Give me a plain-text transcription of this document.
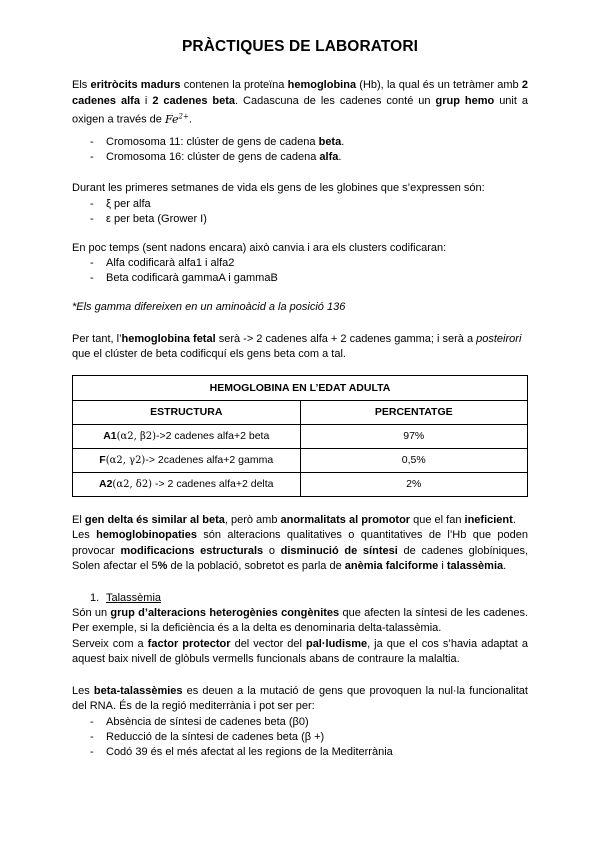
PRÀCTIQUES DE LABORATORI

Els eritròcits madurs contenen la proteïna hemoglobina (Hb), la qual és un tetràmer amb 2 cadenes alfa i 2 cadenes beta. Cadascuna de les cadenes conté un grup hemo unit a oxigen a través de $Fe^{2+}$.

- Cromosoma 11: clúster de gens de cadena beta.
- Cromosoma 16: clúster de gens de cadena alfa.

Durant les primeres setmanes de vida els gens de les globines que s’expressen són:

- ξ per alfa
- ε per beta (Grower I)

En poc temps (sent nadons encara) això canvia i ara els clusters codificaran:

- Alfa codificarà alfa1 i alfa2
- Beta codificarà gammaA i gammaB

*Els gamma difereixen en un aminoàcid a la posició 136

Per tant, l’hemoglobina fetal serà -> 2 cadenes alfa + 2 cadenes gamma; i serà a posteirori que el clúster de beta codificquí els gens beta com a tal.

HEMOGLOBINA EN L’EDAT ADULTA	
ESTRUCTURA	PERCENTATGE
A1(α2, β2)->2 cadenes alfa+2 beta	97%
F(α2, γ2)-> 2cadenes alfa+2 gamma	0,5%
A2(α2, δ2) -> 2 cadenes alfa+2 delta	2%

El gen delta és similar al beta, però amb anormalitats al promotor que el fan ineficient.

Les hemoglobinopaties són alteracions qualitatives o quantitatives de l’Hb que poden provocar modificacions estructurals o disminució de síntesi de cadenes globíniques, Solen afectar el 5% de la població, sobretot es parla de anèmia falciforme i talassèmia.

1. Talassèmia

Són un grup d’alteracions heterogènies congènites que afecten la síntesi de les cadenes. Per exemple, si la deficiència és a la delta es denominaria delta-talassèmia.

Serveix com a factor protector del vector del pal·ludisme, ja que el cos s’havia adaptat a aquest baix nivell de glòbuls vermells funcionals abans de contraure la malaltia.

Les beta-talassèmies es deuen a la mutació de gens que provoquen la nul·la funcionalitat del RNA. És de la regió mediterrània i pot ser per:

- Absència de síntesi de cadenes beta (β0)
- Reducció de la síntesi de cadenes beta (β +)
- Codó 39 és el més afectat al les regions de la Mediterrània
